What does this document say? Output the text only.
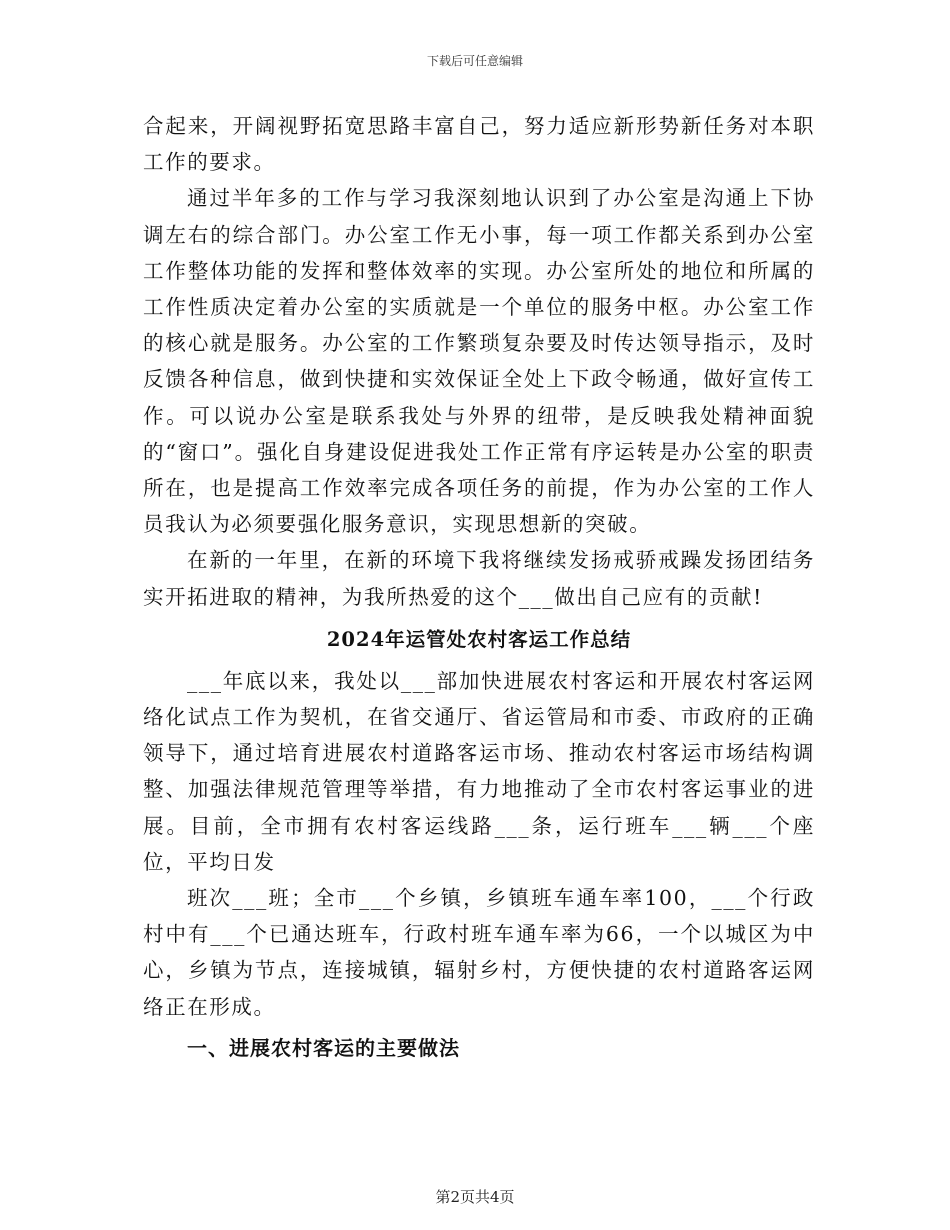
下载后可任意编辑

合起来，开阔视野拓宽思路丰富自己，努力适应新形势新任务对本职工作的要求。

通过半年多的工作与学习我深刻地认识到了办公室是沟通上下协调左右的综合部门。办公室工作无小事，每一项工作都关系到办公室工作整体功能的发挥和整体效率的实现。办公室所处的地位和所属的工作性质决定着办公室的实质就是一个单位的服务中枢。办公室工作的核心就是服务。办公室的工作繁琐复杂要及时传达领导指示，及时反馈各种信息，做到快捷和实效保证全处上下政令畅通，做好宣传工作。可以说办公室是联系我处与外界的纽带，是反映我处精神面貌的“窗口”。强化自身建设促进我处工作正常有序运转是办公室的职责所在，也是提高工作效率完成各项任务的前提，作为办公室的工作人员我认为必须要强化服务意识，实现思想新的突破。

在新的一年里，在新的环境下我将继续发扬戒骄戒躁发扬团结务实开拓进取的精神，为我所热爱的这个___做出自己应有的贡献!

2024年运管处农村客运工作总结

___年底以来，我处以___部加快进展农村客运和开展农村客运网络化试点工作为契机，在省交通厅、省运管局和市委、市政府的正确领导下，通过培育进展农村道路客运市场、推动农村客运市场结构调整、加强法律规范管理等举措，有力地推动了全市农村客运事业的进展。目前，全市拥有农村客运线路___条，运行班车___辆___个座位，平均日发

班次___班；全市___个乡镇，乡镇班车通车率100，___个行政村中有___个已通达班车，行政村班车通车率为66，一个以城区为中心，乡镇为节点，连接城镇，辐射乡村，方便快捷的农村道路客运网络正在形成。

一、进展农村客运的主要做法
第2页共4页
